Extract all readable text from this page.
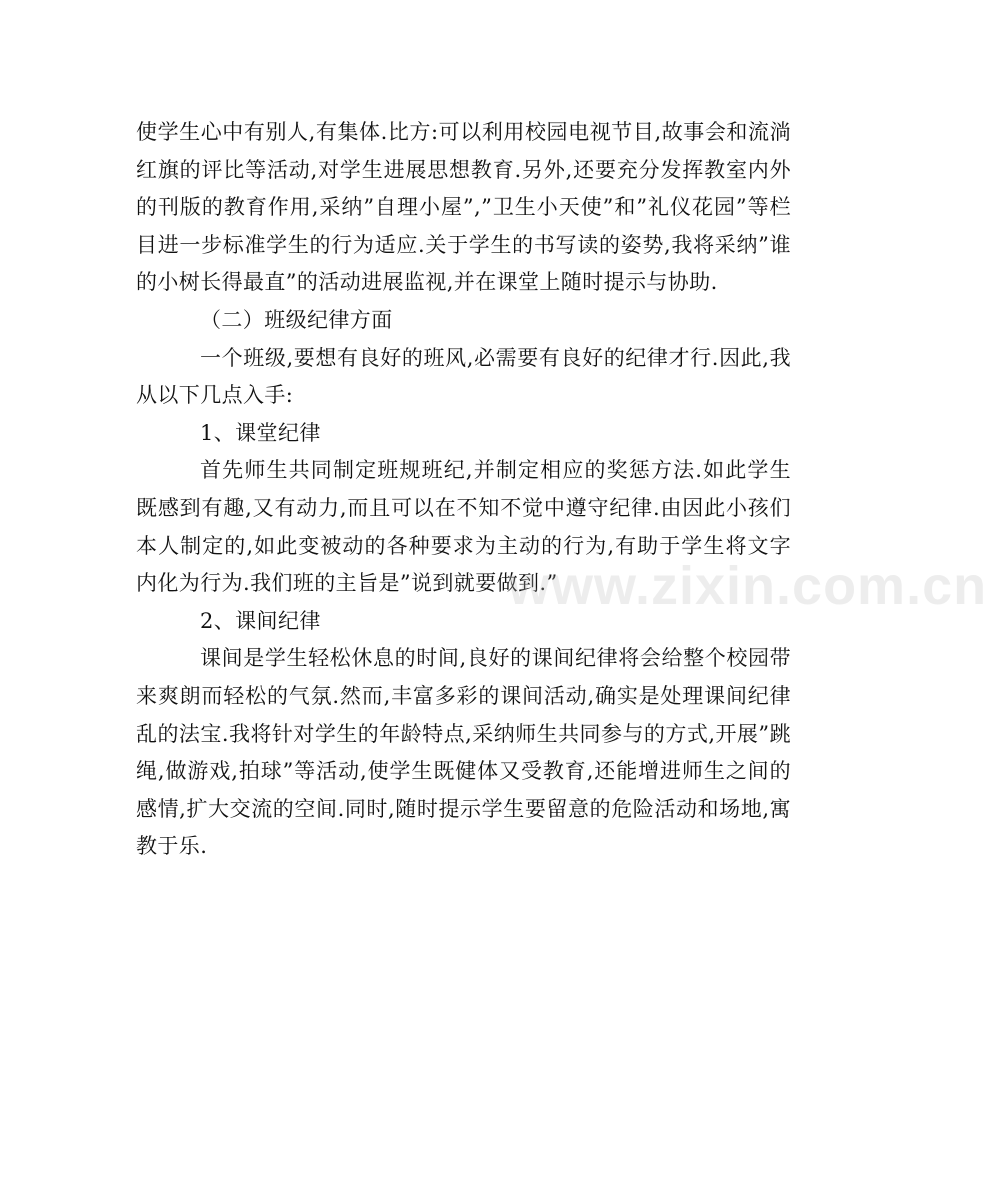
使学生心中有别人,有集体.比方:可以利用校园电视节目,故事会和流淌红旗的评比等活动,对学生进展思想教育.另外,还要充分发挥教室内外的刊版的教育作用,采纳”自理小屋”,”卫生小天使”和”礼仪花园”等栏目进一步标准学生的行为适应.关于学生的书写读的姿势,我将采纳”谁的小树长得最直”的活动进展监视,并在课堂上随时提示与协助.

（二）班级纪律方面

一个班级,要想有良好的班风,必需要有良好的纪律才行.因此,我从以下几点入手:

1、课堂纪律

首先师生共同制定班规班纪,并制定相应的奖惩方法.如此学生既感到有趣,又有动力,而且可以在不知不觉中遵守纪律.由因此小孩们本人制定的,如此变被动的各种要求为主动的行为,有助于学生将文字内化为行为.我们班的主旨是”说到就要做到.”

2、课间纪律

课间是学生轻松休息的时间,良好的课间纪律将会给整个校园带来爽朗而轻松的气氛.然而,丰富多彩的课间活动,确实是处理课间纪律乱的法宝.我将针对学生的年龄特点,采纳师生共同参与的方式,开展”跳绳,做游戏,拍球”等活动,使学生既健体又受教育,还能增进师生之间的感情,扩大交流的空间.同时,随时提示学生要留意的危险活动和场地,寓教于乐.

www.zixin.com.cn
